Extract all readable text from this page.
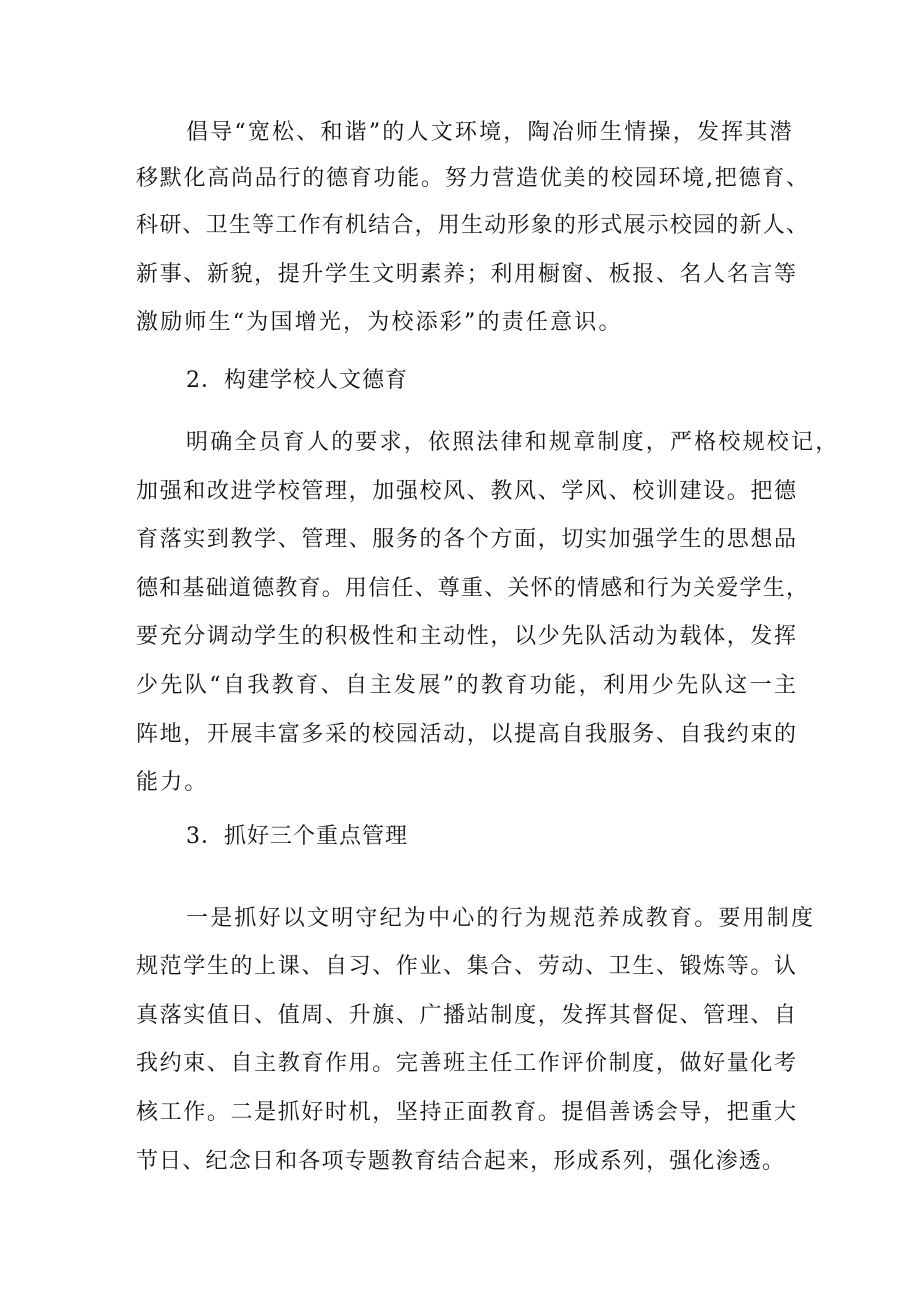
倡导“宽松、和谐”的人文环境，陶冶师生情操，发挥其潜
移默化高尚品行的德育功能。努力营造优美的校园环境,把德育、
科研、卫生等工作有机结合，用生动形象的形式展示校园的新人、
新事、新貌，提升学生文明素养；利用橱窗、板报、名人名言等
激励师生“为国增光，为校添彩”的责任意识。
2．构建学校人文德育
明确全员育人的要求，依照法律和规章制度，严格校规校记，
加强和改进学校管理，加强校风、教风、学风、校训建设。把德
育落实到教学、管理、服务的各个方面，切实加强学生的思想品
德和基础道德教育。用信任、尊重、关怀的情感和行为关爱学生，
要充分调动学生的积极性和主动性，以少先队活动为载体，发挥
少先队“自我教育、自主发展”的教育功能，利用少先队这一主
阵地，开展丰富多采的校园活动，以提高自我服务、自我约束的
能力。
3．抓好三个重点管理
一是抓好以文明守纪为中心的行为规范养成教育。要用制度
规范学生的上课、自习、作业、集合、劳动、卫生、锻炼等。认
真落实值日、值周、升旗、广播站制度，发挥其督促、管理、自
我约束、自主教育作用。完善班主任工作评价制度，做好量化考
核工作。二是抓好时机，坚持正面教育。提倡善诱会导，把重大
节日、纪念日和各项专题教育结合起来，形成系列，强化渗透。
